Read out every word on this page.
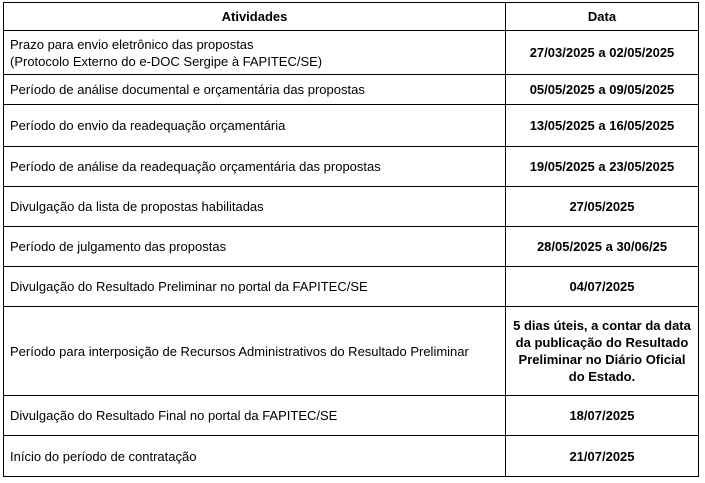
Atividades	Data

Prazo para envio eletrônico das propostas
(Protocolo Externo do e-DOC Sergipe à FAPITEC/SE)	27/03/2025 a 02/05/2025
Período de análise documental e orçamentária das propostas	05/05/2025 a 09/05/2025
Período do envio da readequação orçamentária	13/05/2025 a 16/05/2025
Período de análise da readequação orçamentária das propostas	19/05/2025 a 23/05/2025
Divulgação da lista de propostas habilitadas	27/05/2025
Período de julgamento das propostas	28/05/2025 a 30/06/25
Divulgação do Resultado Preliminar no portal da FAPITEC/SE	04/07/2025
Período para interposição de Recursos Administrativos do Resultado Preliminar	5 dias úteis, a contar da data da publicação do Resultado Preliminar no Diário Oficial do Estado.
Divulgação do Resultado Final no portal da FAPITEC/SE	18/07/2025
Início do período de contratação	21/07/2025
